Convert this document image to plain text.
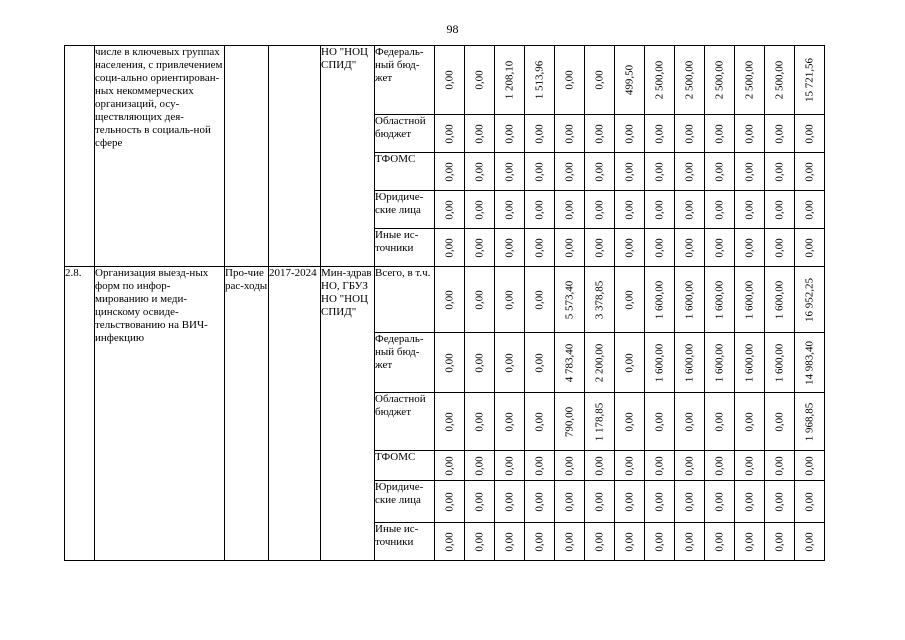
98
	числе в ключевых группах населения, с привлечением соци-ально ориентирован-ных некоммерческих организаций, осу-ществляющих дея-тельность в социаль-ной сфере			НО "НОЦ СПИД"	Федераль-ный бюд-жет	0,00	0,00	1 208,10	1 513,96	0,00	0,00	499,50	2 500,00	2 500,00	2 500,00	2 500,00	2 500,00	15 721,56

					Областной бюджет	0,00	0,00	0,00	0,00	0,00	0,00	0,00	0,00	0,00	0,00	0,00	0,00	0,00

					ТФОМС	0,00	0,00	0,00	0,00	0,00	0,00	0,00	0,00	0,00	0,00	0,00	0,00	0,00

					Юридиче-ские лица	0,00	0,00	0,00	0,00	0,00	0,00	0,00	0,00	0,00	0,00	0,00	0,00	0,00

					Иные ис-точники	0,00	0,00	0,00	0,00	0,00	0,00	0,00	0,00	0,00	0,00	0,00	0,00	0,00

2.8.	Организация выезд-ных форм по инфор-мированию и меди-цинскому освиде-тельствованию на ВИЧ-инфекцию	Про-чие рас-ходы	2017-2024	Мин-здрав НО, ГБУЗ НО "НОЦ СПИД"	Всего, в т.ч.	0,00	0,00	0,00	0,00	5 573,40	3 378,85	0,00	1 600,00	1 600,00	1 600,00	1 600,00	1 600,00	16 952,25

					Федераль-ный бюд-жет	0,00	0,00	0,00	0,00	4 783,40	2 200,00	0,00	1 600,00	1 600,00	1 600,00	1 600,00	1 600,00	14 983,40

					Областной бюджет	0,00	0,00	0,00	0,00	790,00	1 178,85	0,00	0,00	0,00	0,00	0,00	0,00	1 968,85

					ТФОМС	0,00	0,00	0,00	0,00	0,00	0,00	0,00	0,00	0,00	0,00	0,00	0,00	0,00

					Юридиче-ские лица	0,00	0,00	0,00	0,00	0,00	0,00	0,00	0,00	0,00	0,00	0,00	0,00	0,00

					Иные ис-точники	0,00	0,00	0,00	0,00	0,00	0,00	0,00	0,00	0,00	0,00	0,00	0,00	0,00
